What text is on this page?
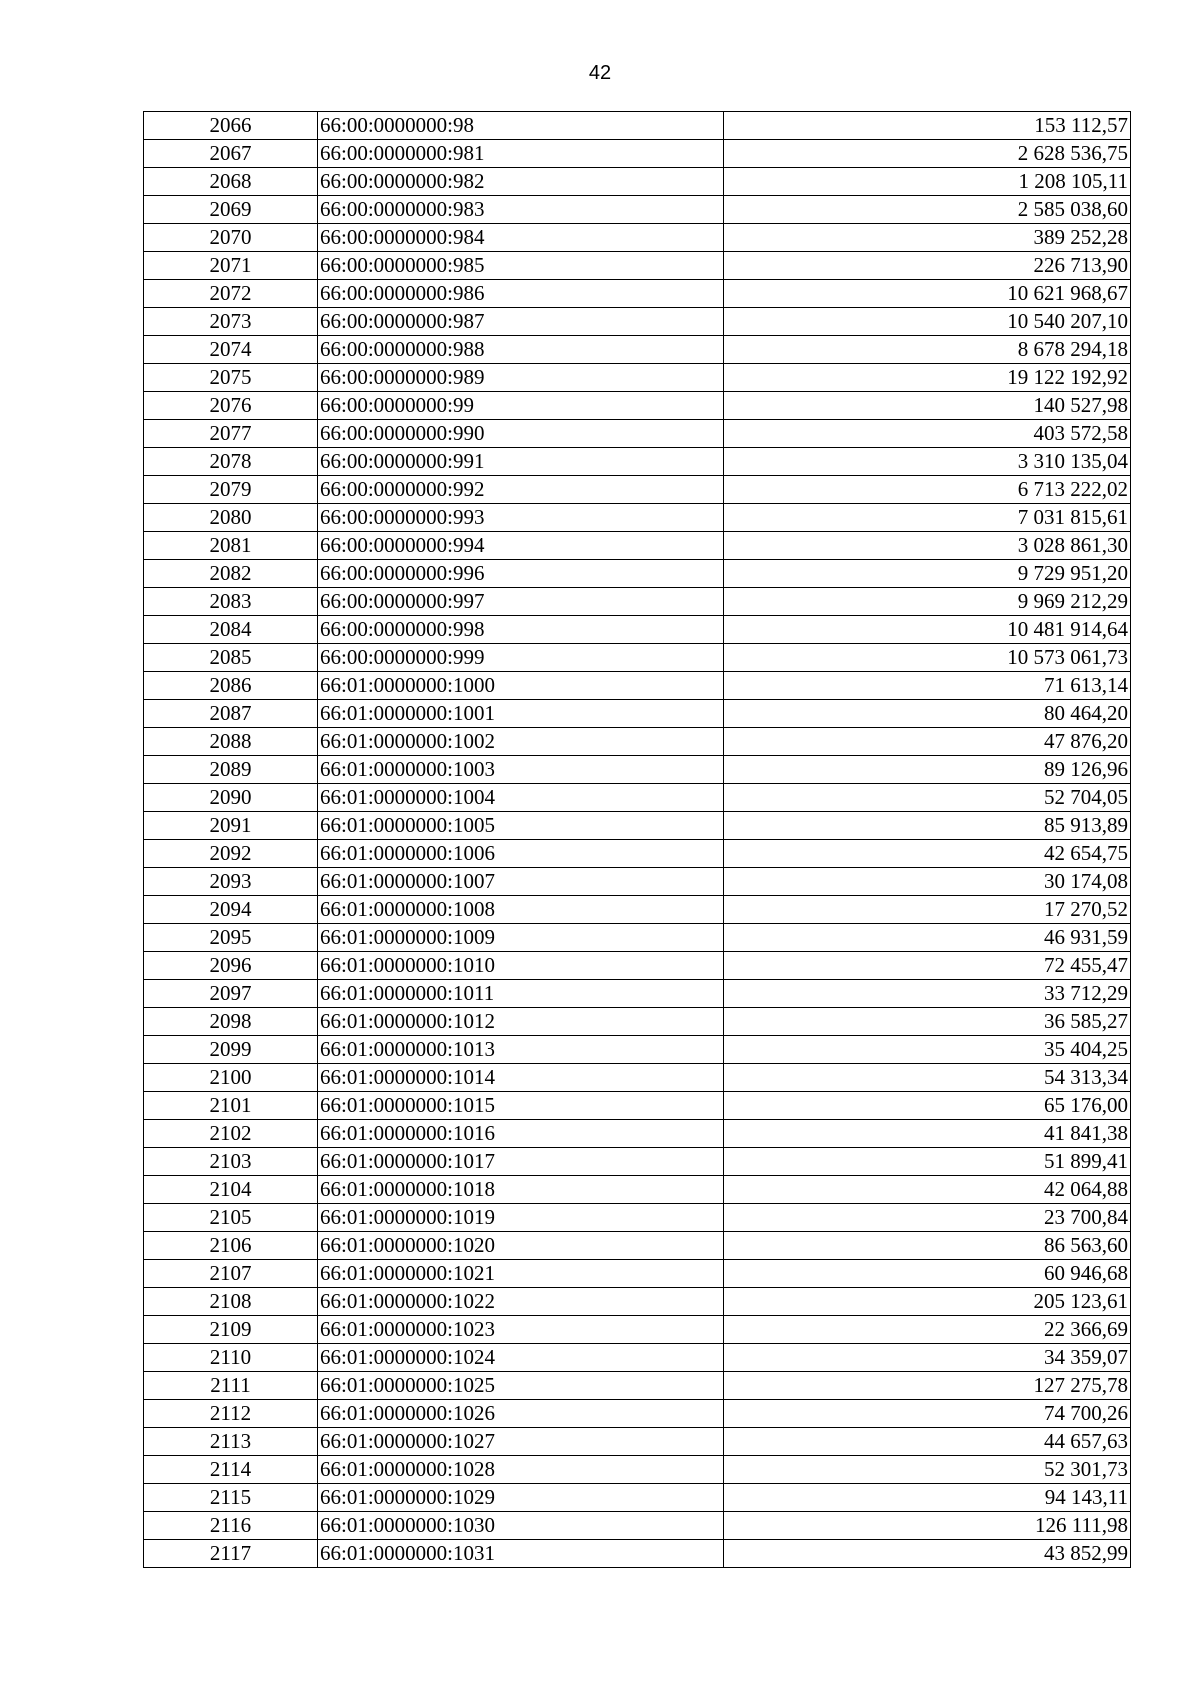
42
2066	66:00:0000000:98	153 112,57
2067	66:00:0000000:981	2 628 536,75
2068	66:00:0000000:982	1 208 105,11
2069	66:00:0000000:983	2 585 038,60
2070	66:00:0000000:984	389 252,28
2071	66:00:0000000:985	226 713,90
2072	66:00:0000000:986	10 621 968,67
2073	66:00:0000000:987	10 540 207,10
2074	66:00:0000000:988	8 678 294,18
2075	66:00:0000000:989	19 122 192,92
2076	66:00:0000000:99	140 527,98
2077	66:00:0000000:990	403 572,58
2078	66:00:0000000:991	3 310 135,04
2079	66:00:0000000:992	6 713 222,02
2080	66:00:0000000:993	7 031 815,61
2081	66:00:0000000:994	3 028 861,30
2082	66:00:0000000:996	9 729 951,20
2083	66:00:0000000:997	9 969 212,29
2084	66:00:0000000:998	10 481 914,64
2085	66:00:0000000:999	10 573 061,73
2086	66:01:0000000:1000	71 613,14
2087	66:01:0000000:1001	80 464,20
2088	66:01:0000000:1002	47 876,20
2089	66:01:0000000:1003	89 126,96
2090	66:01:0000000:1004	52 704,05
2091	66:01:0000000:1005	85 913,89
2092	66:01:0000000:1006	42 654,75
2093	66:01:0000000:1007	30 174,08
2094	66:01:0000000:1008	17 270,52
2095	66:01:0000000:1009	46 931,59
2096	66:01:0000000:1010	72 455,47
2097	66:01:0000000:1011	33 712,29
2098	66:01:0000000:1012	36 585,27
2099	66:01:0000000:1013	35 404,25
2100	66:01:0000000:1014	54 313,34
2101	66:01:0000000:1015	65 176,00
2102	66:01:0000000:1016	41 841,38
2103	66:01:0000000:1017	51 899,41
2104	66:01:0000000:1018	42 064,88
2105	66:01:0000000:1019	23 700,84
2106	66:01:0000000:1020	86 563,60
2107	66:01:0000000:1021	60 946,68
2108	66:01:0000000:1022	205 123,61
2109	66:01:0000000:1023	22 366,69
2110	66:01:0000000:1024	34 359,07
2111	66:01:0000000:1025	127 275,78
2112	66:01:0000000:1026	74 700,26
2113	66:01:0000000:1027	44 657,63
2114	66:01:0000000:1028	52 301,73
2115	66:01:0000000:1029	94 143,11
2116	66:01:0000000:1030	126 111,98
2117	66:01:0000000:1031	43 852,99
